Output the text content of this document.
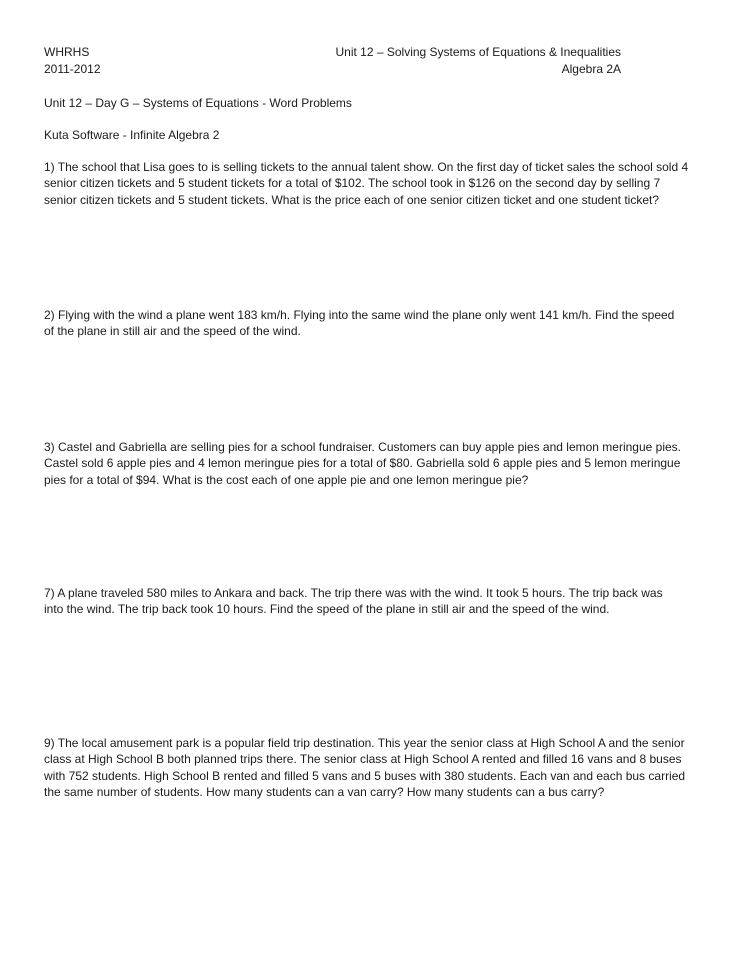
WHRHS
2011-2012
Unit 12 – Solving Systems of Equations & Inequalities
Algebra 2A
Unit 12 – Day G – Systems of Equations - Word Problems
Kuta Software - Infinite Algebra 2
1) The school that Lisa goes to is selling tickets to the annual talent show. On the first day of ticket sales the school sold 4
senior citizen tickets and 5 student tickets for a total of $102. The school took in $126 on the second day by selling 7
senior citizen tickets and 5 student tickets. What is the price each of one senior citizen ticket and one student ticket?
2) Flying with the wind a plane went 183 km/h. Flying into the same wind the plane only went 141 km/h. Find the speed
of the plane in still air and the speed of the wind.
3) Castel and Gabriella are selling pies for a school fundraiser. Customers can buy apple pies and lemon meringue pies.
Castel sold 6 apple pies and 4 lemon meringue pies for a total of $80. Gabriella sold 6 apple pies and 5 lemon meringue
pies for a total of $94. What is the cost each of one apple pie and one lemon meringue pie?
7) A plane traveled 580 miles to Ankara and back. The trip there was with the wind. It took 5 hours. The trip back was
into the wind. The trip back took 10 hours. Find the speed of the plane in still air and the speed of the wind.
9) The local amusement park is a popular field trip destination. This year the senior class at High School A and the senior
class at High School B both planned trips there. The senior class at High School A rented and filled 16 vans and 8 buses
with 752 students. High School B rented and filled 5 vans and 5 buses with 380 students. Each van and each bus carried
the same number of students. How many students can a van carry? How many students can a bus carry?
